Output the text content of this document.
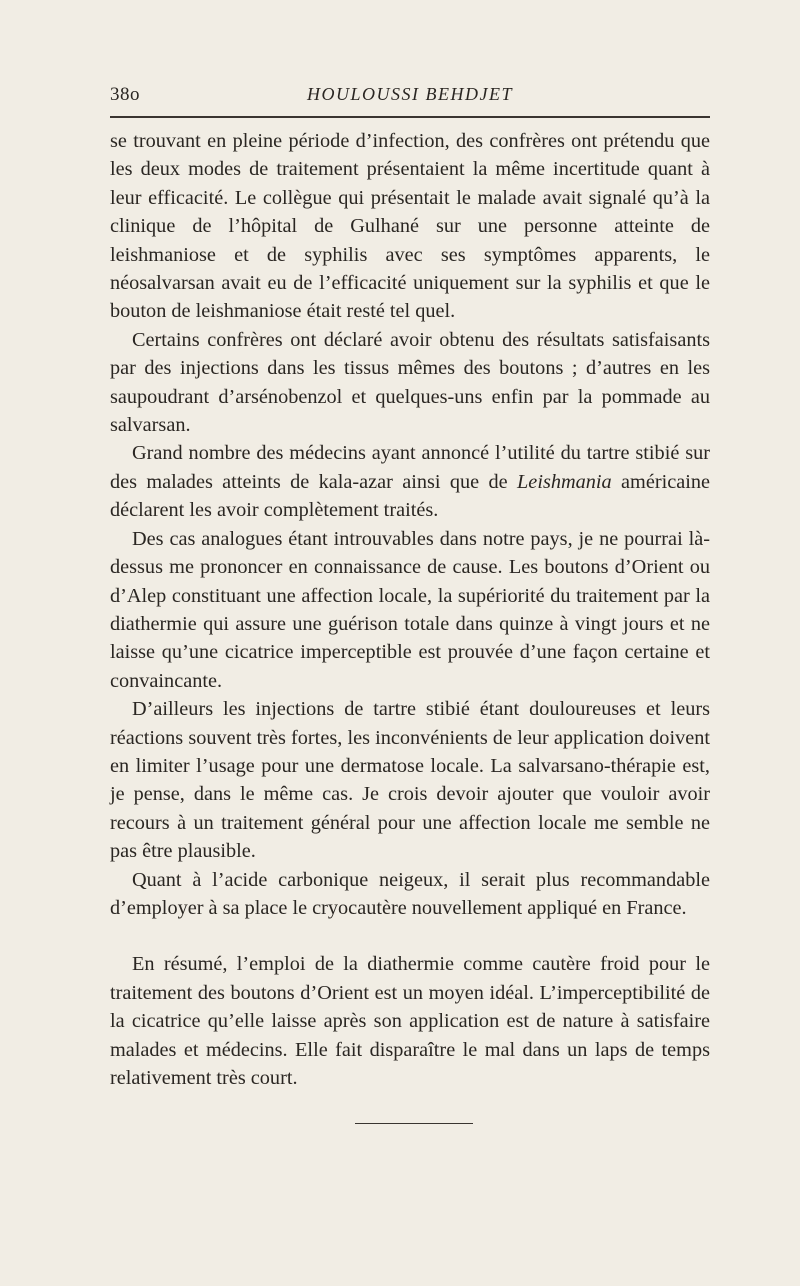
38o	HOULOUSSI BEHDJET

se trouvant en pleine période d’infection, des confrères ont prétendu que les deux modes de traitement présentaient la même incertitude quant à leur efficacité. Le collègue qui présentait le malade avait signalé qu’à la clinique de l’hôpital de Gulhané sur une personne atteinte de leishmaniose et de syphilis avec ses symptômes apparents, le néosalvarsan avait eu de l’efficacité uniquement sur la syphilis et que le bouton de leishmaniose était resté tel quel.

Certains confrères ont déclaré avoir obtenu des résultats satisfaisants par des injections dans les tissus mêmes des boutons ; d’autres en les saupoudrant d’arsénobenzol et quelques-uns enfin par la pommade au salvarsan.

Grand nombre des médecins ayant annoncé l’utilité du tartre stibié sur des malades atteints de kala-azar ainsi que de Leishmania américaine déclarent les avoir complètement traités.

Des cas analogues étant introuvables dans notre pays, je ne pourrai là-dessus me prononcer en connaissance de cause. Les boutons d’Orient ou d’Alep constituant une affection locale, la supériorité du traitement par la diathermie qui assure une guérison totale dans quinze à vingt jours et ne laisse qu’une cicatrice imperceptible est prouvée d’une façon certaine et convaincante.

D’ailleurs les injections de tartre stibié étant douloureuses et leurs réactions souvent très fortes, les inconvénients de leur application doivent en limiter l’usage pour une dermatose locale. La salvarsano-thérapie est, je pense, dans le même cas. Je crois devoir ajouter que vouloir avoir recours à un traitement général pour une affection locale me semble ne pas être plausible.

Quant à l’acide carbonique neigeux, il serait plus recommandable d’employer à sa place le cryocautère nouvellement appliqué en France.

En résumé, l’emploi de la diathermie comme cautère froid pour le traitement des boutons d’Orient est un moyen idéal. L’imperceptibilité de la cicatrice qu’elle laisse après son application est de nature à satisfaire malades et médecins. Elle fait disparaître le mal dans un laps de temps relativement très court.
